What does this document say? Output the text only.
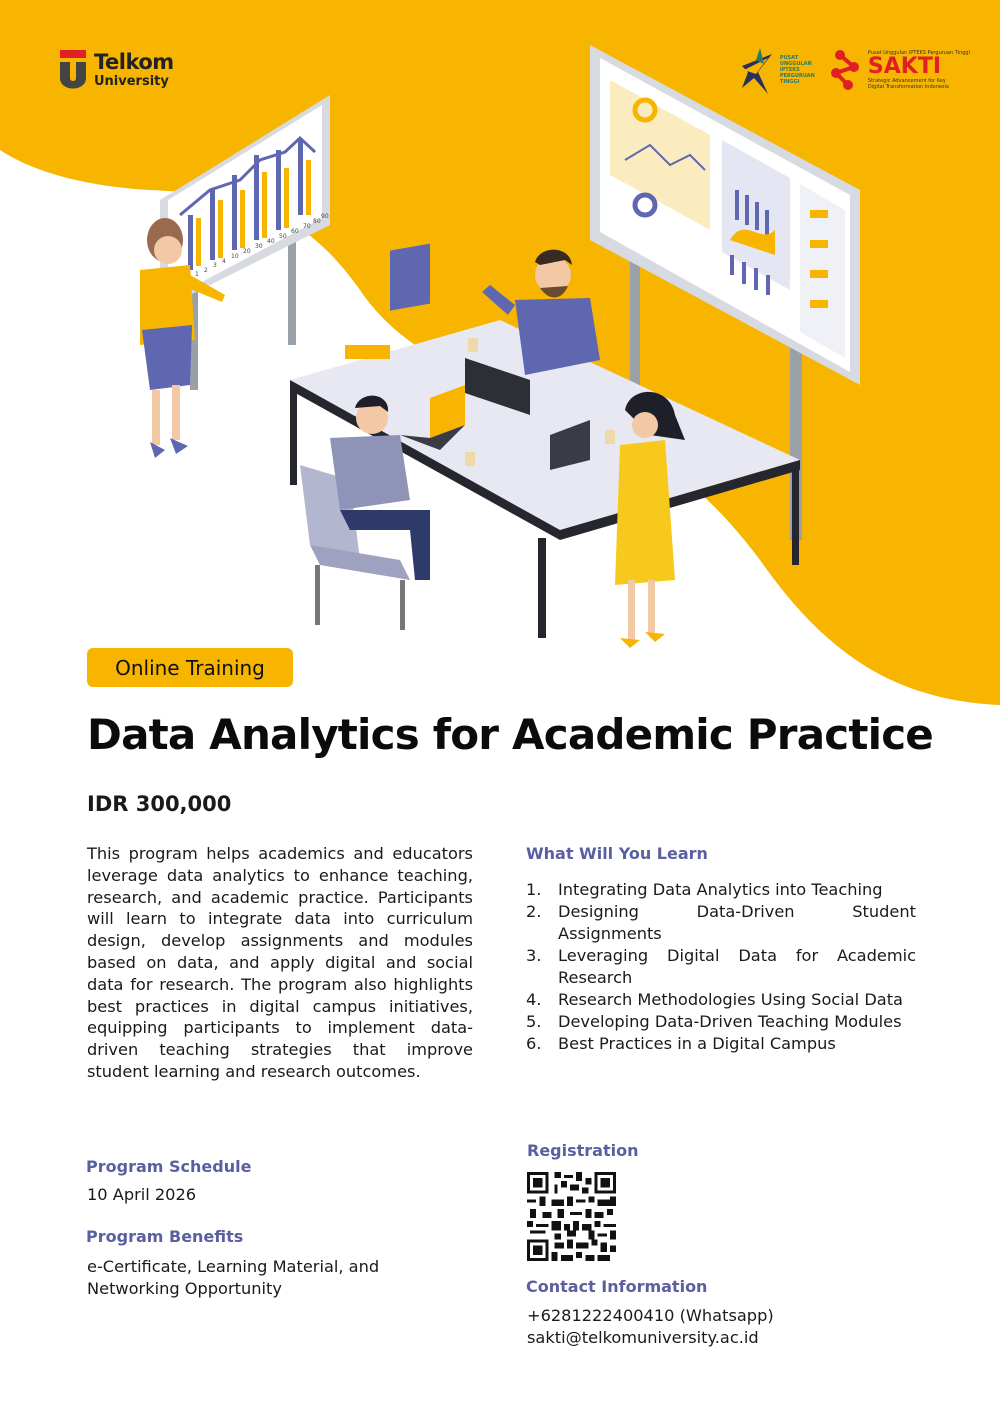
Telkom
University
PUSAT UNGGULAN IPTEKS PERGURUAN TINGGI
Pusat Unggulan IPTEKS Perguruan Tinggi
SAKTI
Strategic Advancement for Key Digital Transformation Indonesia
1
2
3
4
10
20
30
40
50
60
70
80
90
Online Training
Data Analytics for Academic Practice
IDR 300,000

This program helps academics and educators leverage data analytics to enhance teaching, research, and academic practice. Participants will learn to integrate data into curriculum design, develop assignments and modules based on data, and apply digital and social data for research. The program also highlights best practices in digital campus initiatives, equipping participants to implement data-driven teaching strategies that improve student learning and research outcomes.

Program Schedule

10 April 2026

Program Benefits

e-Certificate, Learning Material, and Networking Opportunity

What Will You Learn
1.	Integrating Data Analytics into Teaching
2.	Designing Data-Driven Student Assignments
3.	Leveraging Digital Data for Academic Research
4.	Research Methodologies Using Social Data
5.	Developing Data-Driven Teaching Modules
6.	Best Practices in a Digital Campus
Registration
Contact Information

+6281222400410 (Whatsapp)

sakti@telkomuniversity.ac.id
